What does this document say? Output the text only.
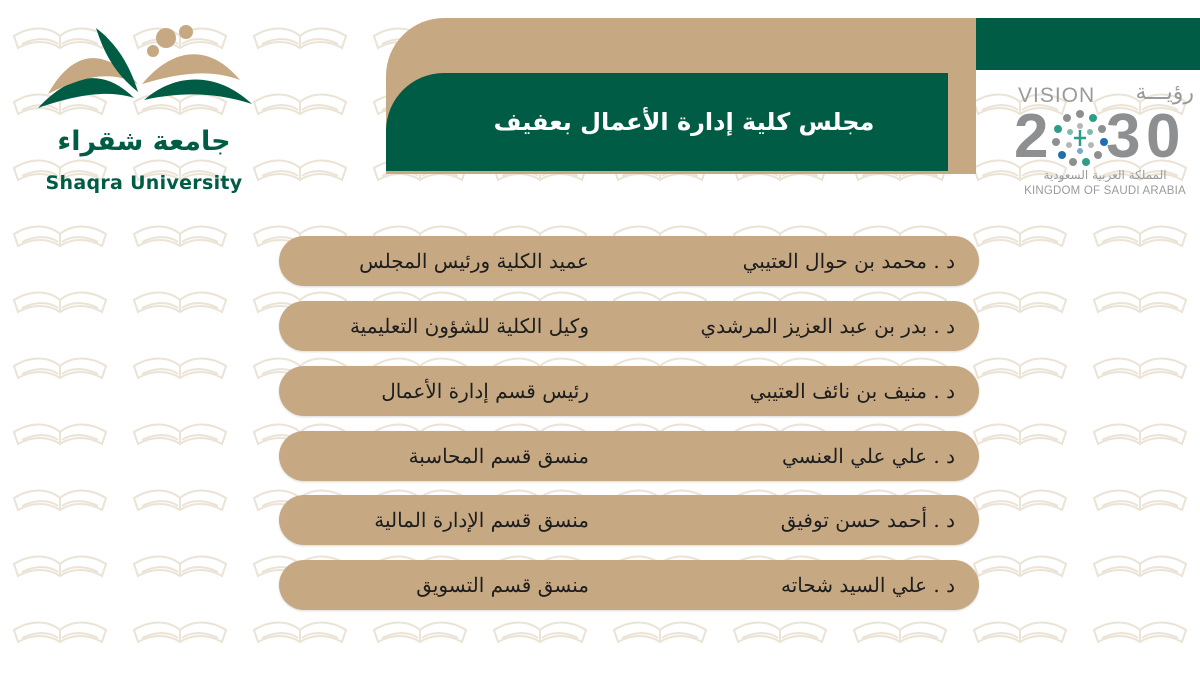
مجلس كلية إدارة الأعمال بعفيف
جامعة شقراء
Shaqra University
VISION رؤيـــة
2 3 0
المملكة العربية السعودية
KINGDOM OF SAUDI ARABIA
د . محمد بن حوال العتيبي
عميد الكلية ورئيس المجلس
د . بدر بن عبد العزيز المرشدي
وكيل الكلية للشؤون التعليمية
د . منيف بن نائف العتيبي
رئيس قسم إدارة الأعمال
د . علي علي العنسي
منسق قسم المحاسبة
د . أحمد حسن توفيق
منسق قسم الإدارة المالية
د . علي السيد شحاته
منسق قسم التسويق
